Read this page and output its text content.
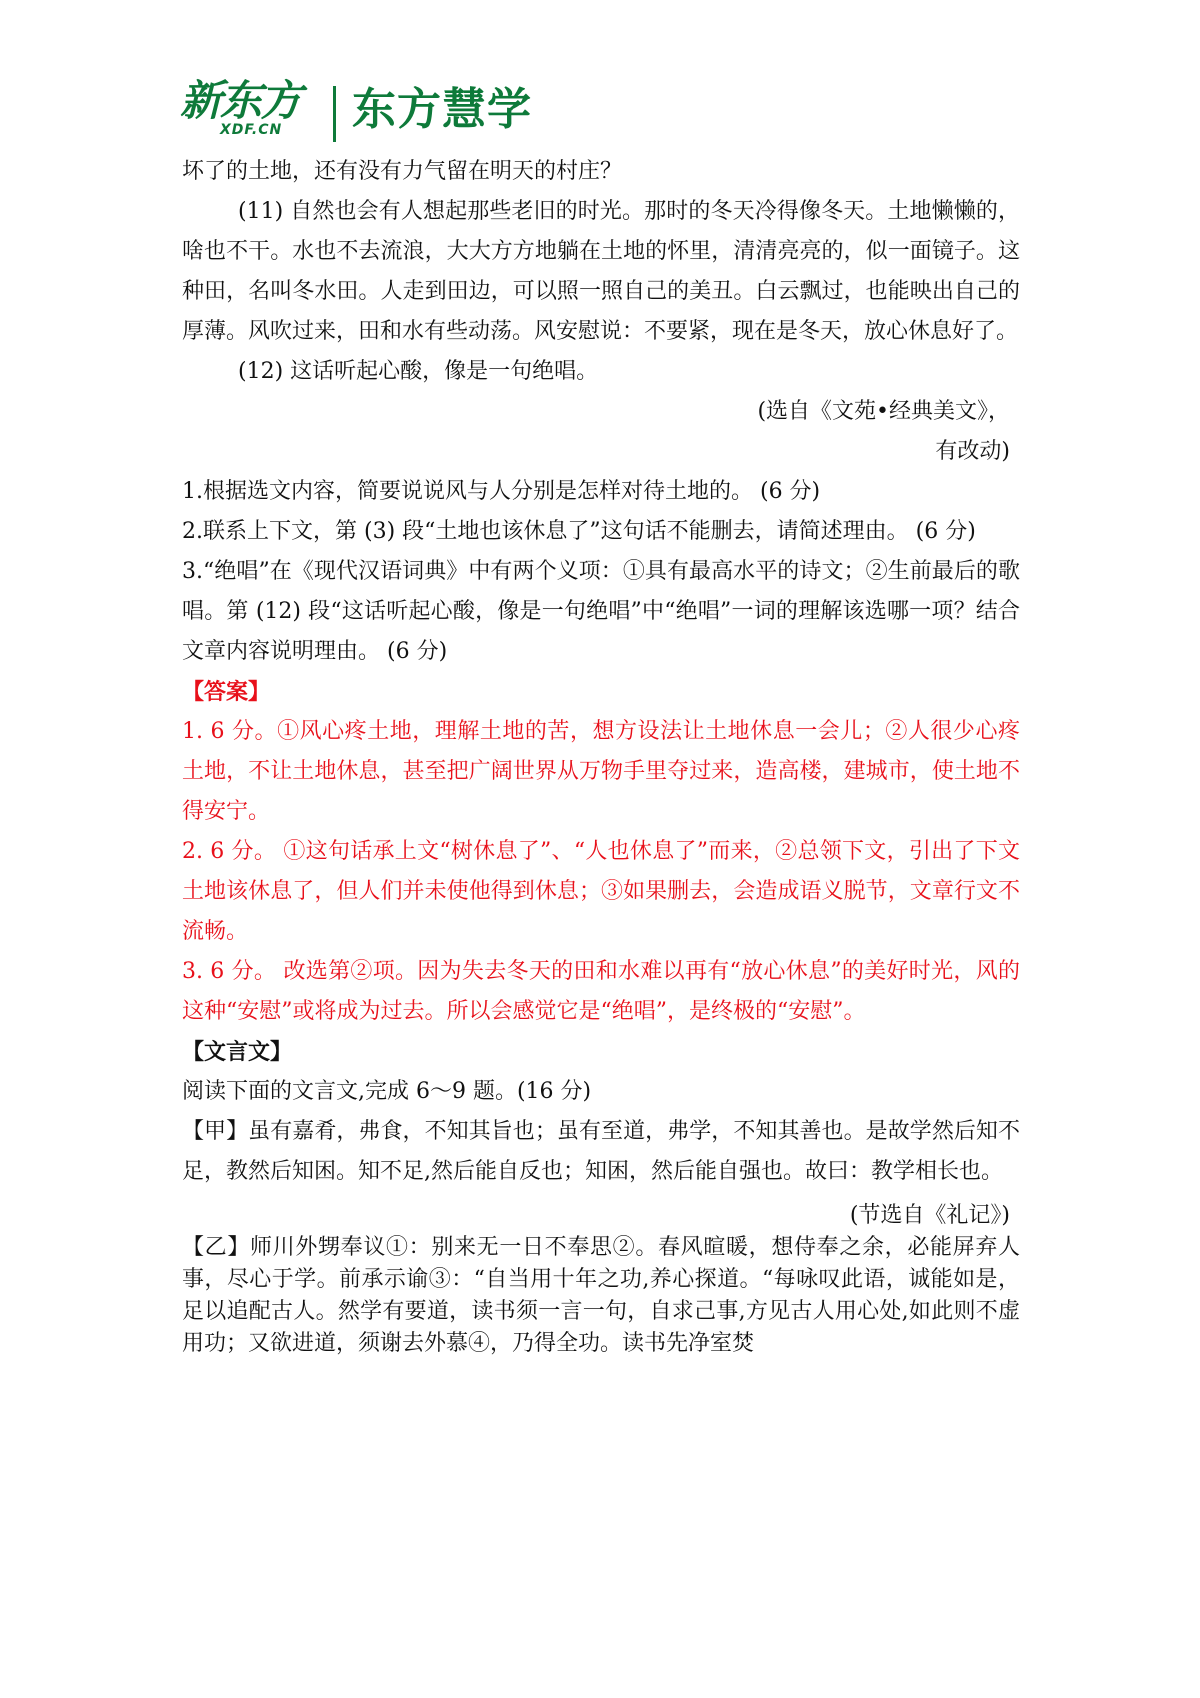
新东方
XDF.CN 东方慧学

坏了的土地，还有没有力气留在明天的村庄？

(11) 自然也会有人想起那些老旧的时光。那时的冬天冷得像冬天。土地懒懒的，啥也不干。水也不去流浪，大大方方地躺在土地的怀里，清清亮亮的，似一面镜子。这种田，名叫冬水田。人走到田边，可以照一照自己的美丑。白云飘过，也能映出自己的厚薄。风吹过来，田和水有些动荡。风安慰说：不要紧，现在是冬天，放心休息好了。

(12) 这话听起心酸，像是一句绝唱。

(选自《文苑•经典美文》，

有改动)

1.根据选文内容，简要说说风与人分别是怎样对待土地的。 (6 分)

2.联系上下文，第 (3) 段“土地也该休息了”这句话不能删去，请简述理由。 (6 分)

3.“绝唱”在《现代汉语词典》中有两个义项：①具有最高水平的诗文；②生前最后的歌唱。第 (12) 段“这话听起心酸，像是一句绝唱”中“绝唱”一词的理解该选哪一项？结合文章内容说明理由。 (6 分)

【答案】

1. 6 分。①风心疼土地，理解土地的苦，想方设法让土地休息一会儿；②人很少心疼土地，不让土地休息，甚至把广阔世界从万物手里夺过来，造高楼，建城市，使土地不得安宁。

2. 6 分。 ①这句话承上文“树休息了”、“人也休息了”而来，②总领下文，引出了下文土地该休息了，但人们并未使他得到休息；③如果删去，会造成语义脱节，文章行文不流畅。

3. 6 分。 改选第②项。因为失去冬天的田和水难以再有“放心休息”的美好时光，风的这种“安慰”或将成为过去。所以会感觉它是“绝唱”，是终极的“安慰”。

【文言文】

阅读下面的文言文,完成 6～9 题。(16 分)

【甲】虽有嘉肴，弗食，不知其旨也；虽有至道，弗学，不知其善也。是故学然后知不足，教然后知困。知不足,然后能自反也；知困，然后能自强也。故曰：教学相长也。

(节选自《礼记》)

【乙】师川外甥奉议①：别来无一日不奉思②。春风暄暖，想侍奉之余，必能屏弃人事，尽心于学。前承示谕③：“自当用十年之功,养心探道。“每咏叹此语，诚能如是，足以追配古人。然学有要道，读书须一言一句，自求己事,方见古人用心处,如此则不虚用功；又欲进道，须谢去外慕④，乃得全功。读书先净室焚
